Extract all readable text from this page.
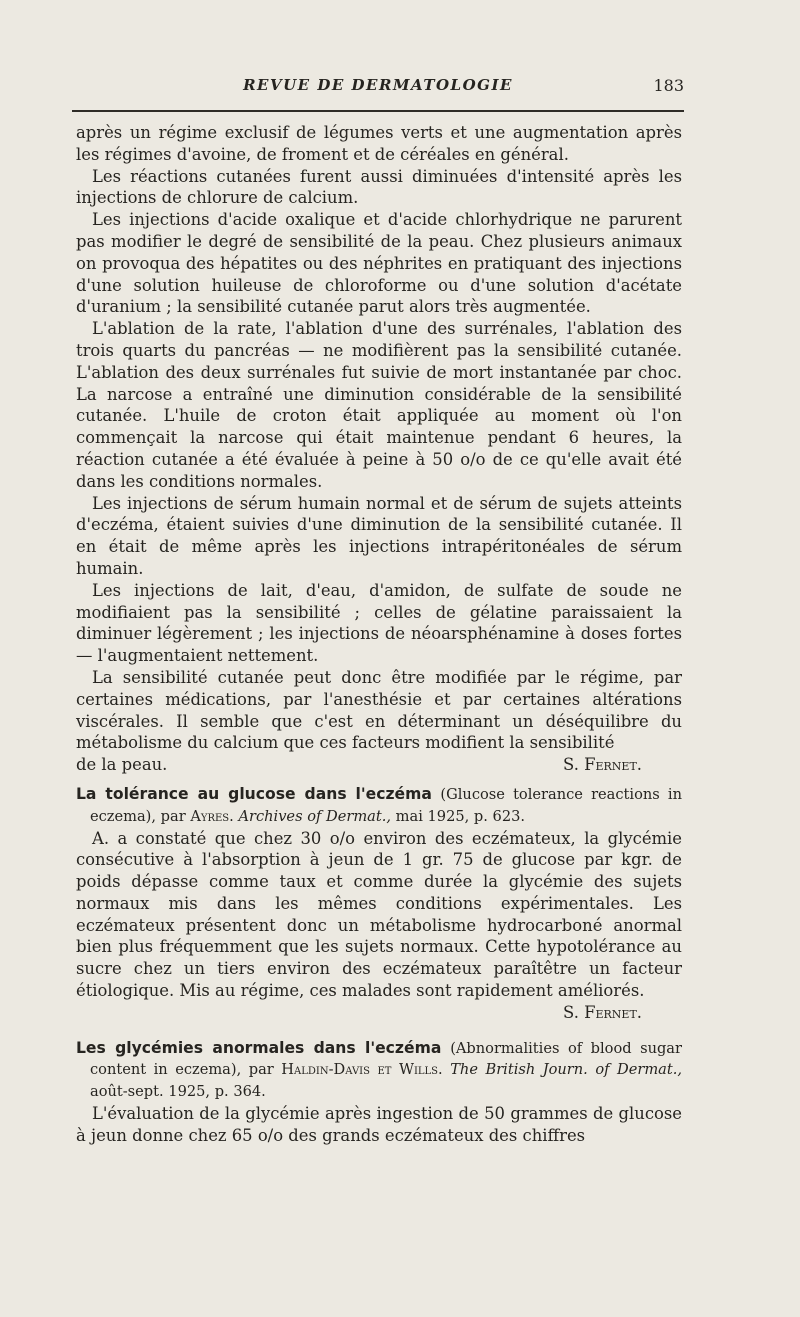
REVUE DE DERMATOLOGIE	183

après un régime exclusif de légumes verts et une augmentation après les régimes d'avoine, de froment et de céréales en général.

Les réactions cutanées furent aussi diminuées d'intensité après les injections de chlorure de calcium.

Les injections d'acide oxalique et d'acide chlorhydrique ne parurent pas modifier le degré de sensibilité de la peau. Chez plusieurs animaux on provoqua des hépatites ou des néphrites en pratiquant des injections d'une solution huileuse de chloroforme ou d'une solution d'acétate d'uranium ; la sensibilité cutanée parut alors très augmentée.

L'ablation de la rate, l'ablation d'une des surrénales, l'ablation des trois quarts du pancréas — ne modifièrent pas la sensibilité cutanée. L'ablation des deux surrénales fut suivie de mort instantanée par choc. La narcose a entraîné une diminution considérable de la sensibilité cutanée. L'huile de croton était appliquée au moment où l'on commençait la narcose qui était maintenue pendant 6 heures, la réaction cutanée a été évaluée à peine à 50 o/o de ce qu'elle avait été dans les conditions normales.

Les injections de sérum humain normal et de sérum de sujets atteints d'eczéma, étaient suivies d'une diminution de la sensibilité cutanée. Il en était de même après les injections intrapéritonéales de sérum humain.

Les injections de lait, d'eau, d'amidon, de sulfate de soude ne modifiaient pas la sensibilité ; celles de gélatine paraissaient la diminuer légèrement ; les injections de néoarsphénamine à doses fortes — l'augmentaient nettement.

La sensibilité cutanée peut donc être modifiée par le régime, par certaines médications, par l'anesthésie et par certaines altérations viscérales. Il semble que c'est en déterminant un déséquilibre du métabolisme du calcium que ces facteurs modifient la sensibilité

de la peau.	S. Fernet.

La tolérance au glucose dans l'eczéma (Glucose tolerance reactions in eczema), par Ayres. Archives of Dermat., mai 1925, p. 623.

A. a constaté que chez 30 o/o environ des eczémateux, la glycémie consécutive à l'absorption à jeun de 1 gr. 75 de glucose par kgr. de poids dépasse comme taux et comme durée la glycémie des sujets normaux mis dans les mêmes conditions expérimentales. Les eczémateux présentent donc un métabolisme hydrocarboné anormal bien plus fréquemment que les sujets normaux. Cette hypotolérance au sucre chez un tiers environ des eczémateux paraîtêtre un facteur étiologique. Mis au régime, ces malades sont rapidement améliorés.

S. Fernet.

Les glycémies anormales dans l'eczéma (Abnormalities of blood sugar content in eczema), par Haldin-Davis et Wills. The British Journ. of Dermat., août-sept. 1925, p. 364.

L'évaluation de la glycémie après ingestion de 50 grammes de glucose à jeun donne chez 65 o/o des grands eczémateux des chiffres
